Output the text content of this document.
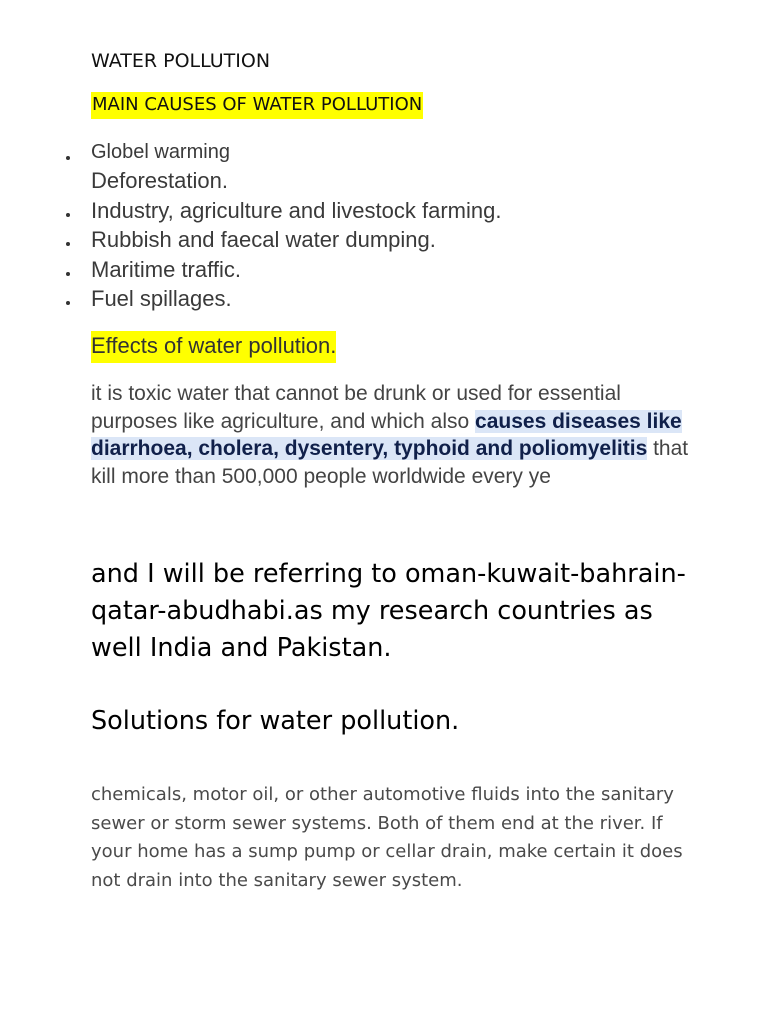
WATER POLLUTION
MAIN CAUSES OF WATER POLLUTION
Globel warming
Deforestation.
Industry, agriculture and livestock farming.
Rubbish and faecal water dumping.
Maritime traffic.
Fuel spillages.
Effects of water pollution.
it is toxic water that cannot be drunk or used for essential purposes like agriculture, and which also causes diseases like diarrhoea, cholera, dysentery, typhoid and poliomyelitis that kill more than 500,000 people worldwide every ye
and I will be referring to oman-kuwait-bahrain-qatar-abudhabi.as my research countries as well India and Pakistan.
Solutions for water pollution.
chemicals, motor oil, or other automotive fluids into the sanitary sewer or storm sewer systems. Both of them end at the river. If your home has a sump pump or cellar drain, make certain it does not drain into the sanitary sewer system.
